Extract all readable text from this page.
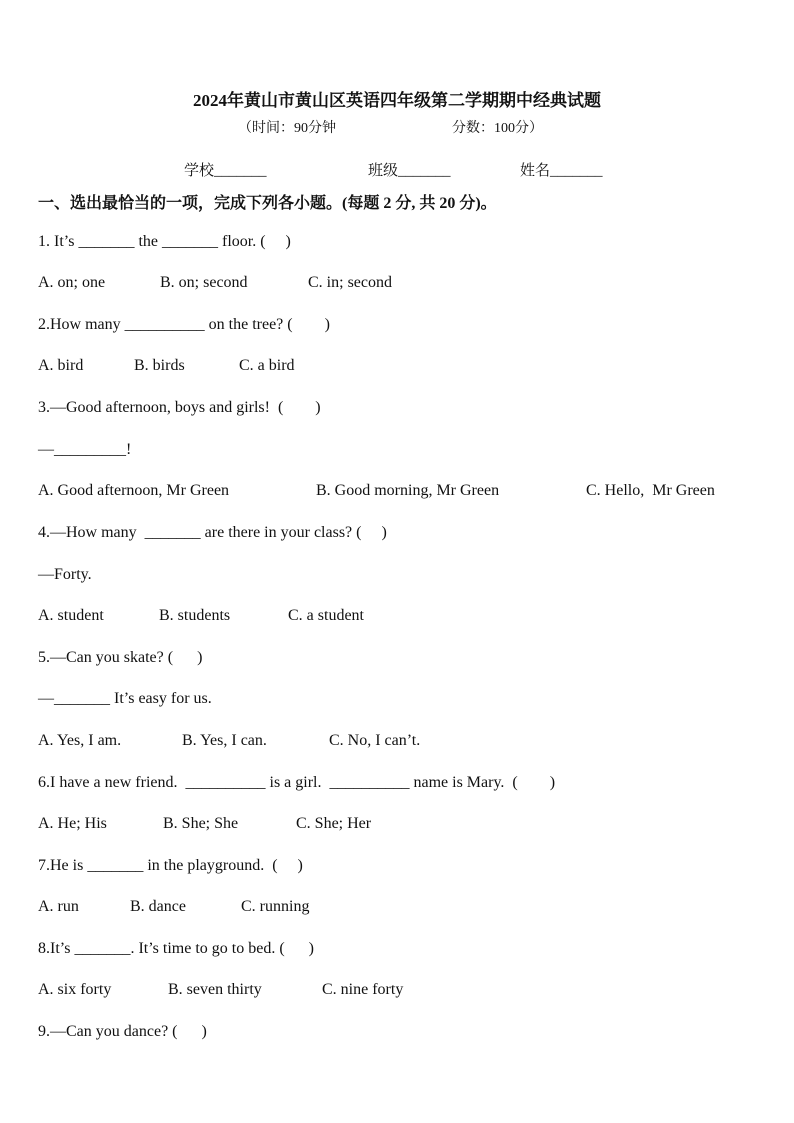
2024年黄山市黄山区英语四年级第二学期期中经典试题
（时间：90分钟	分数：100分）
学校_______	班级_______	姓名_______
一、选出最恰当的一项，完成下列各小题。(每题 2 分, 共 20 分)。
1. It’s _______ the _______ floor. (     )
A. on; one	B. on; second	C. in; second
2.How many __________ on the tree? (        )
A. bird	B. birds	C. a bird
3.—Good afternoon, boys and girls!  (        )
—_________!
A. Good afternoon, Mr Green	B. Good morning, Mr Green	C. Hello,  Mr Green
4.—How many  _______ are there in your class? (     )
—Forty.
A. student	B. students	C. a student
5.—Can you skate? (      )
—_______ It’s easy for us.
A. Yes, I am.	B. Yes, I can.	C. No, I can’t.
6.I have a new friend.  __________ is a girl.  __________ name is Mary.  (        )
A. He; His	B. She; She	C. She; Her
7.He is _______ in the playground.  (     )
A. run	B. dance	C. running
8.It’s _______. It’s time to go to bed. (      )
A. six forty	B. seven thirty	C. nine forty
9.—Can you dance? (      )
